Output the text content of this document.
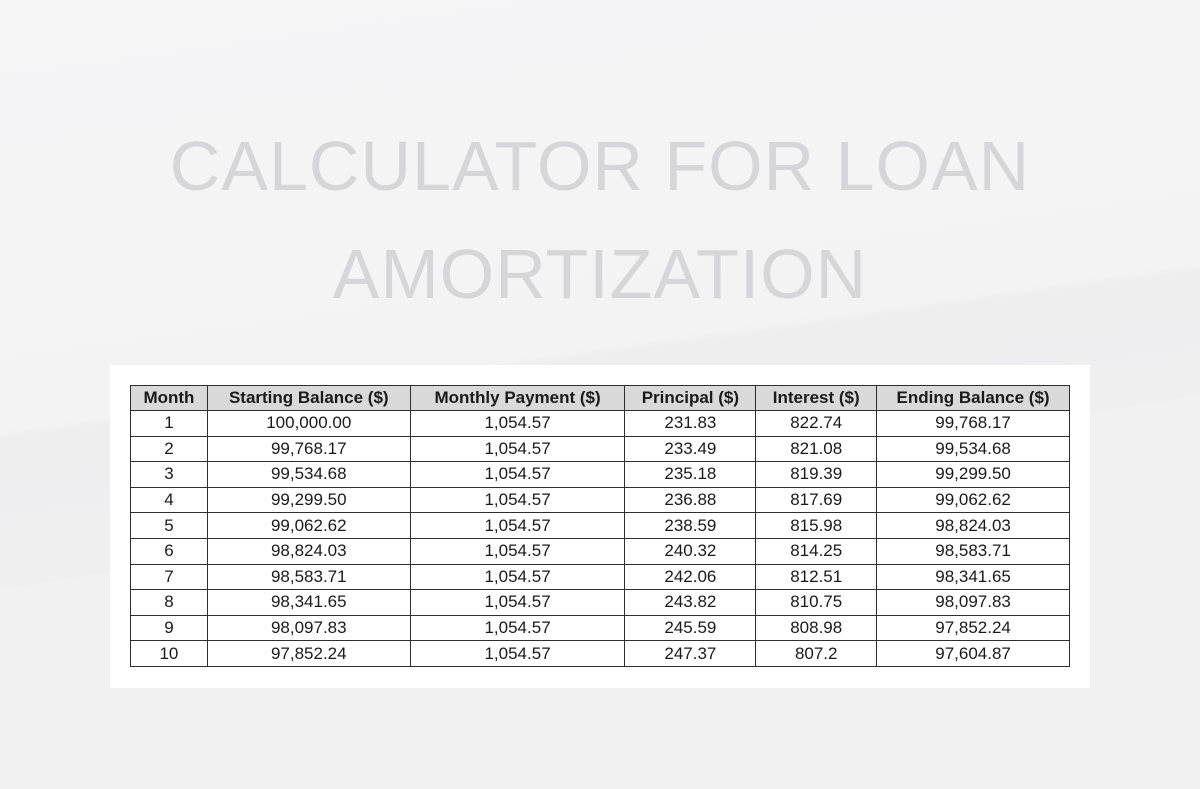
CALCULATOR FOR LOAN
AMORTIZATION
Month	Starting Balance ($)	Monthly Payment ($)	Principal ($)	Interest ($)	Ending Balance ($)
1	100,000.00	1,054.57	231.83	822.74	99,768.17
2	99,768.17	1,054.57	233.49	821.08	99,534.68
3	99,534.68	1,054.57	235.18	819.39	99,299.50
4	99,299.50	1,054.57	236.88	817.69	99,062.62
5	99,062.62	1,054.57	238.59	815.98	98,824.03
6	98,824.03	1,054.57	240.32	814.25	98,583.71
7	98,583.71	1,054.57	242.06	812.51	98,341.65
8	98,341.65	1,054.57	243.82	810.75	98,097.83
9	98,097.83	1,054.57	245.59	808.98	97,852.24
10	97,852.24	1,054.57	247.37	807.2	97,604.87
